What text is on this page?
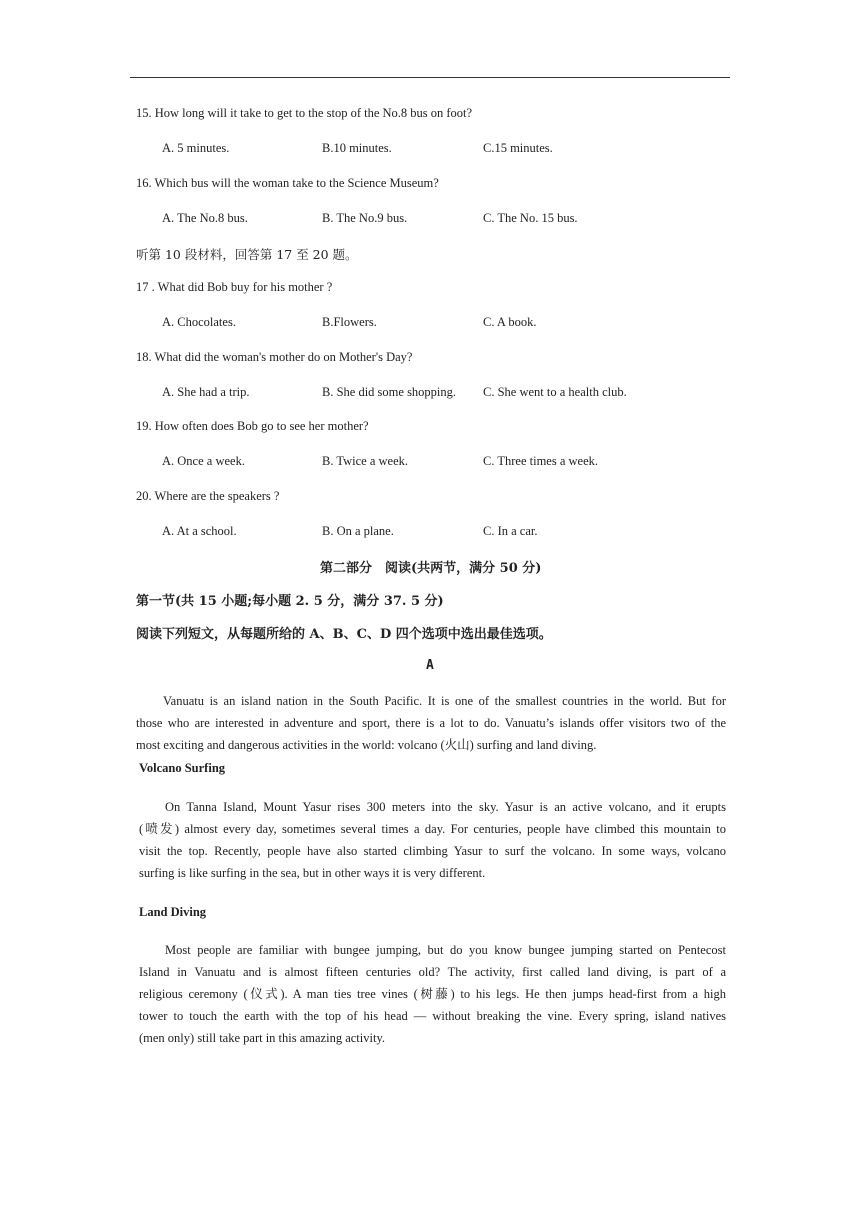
15. How long will it take to get to the stop of the No.8 bus on foot?
A. 5 minutes.	B.10 minutes.	C.15 minutes.
16. Which bus will the woman take to the Science Museum?
A. The No.8 bus.	B. The No.9 bus.	C. The No. 15 bus.
听第 10 段材料，回答第 17 至 20 题。
17 . What did Bob buy for his mother ?
A. Chocolates.	B.Flowers.	C. A book.
18. What did the woman's mother do on Mother's Day?
A. She had a trip.	B. She did some shopping. C. She went to a health club.
19. How often does Bob go to see her mother?
A. Once a week.	B. Twice a week.	C. Three times a week.
20. Where are the speakers ?
A. At a school.	B. On a plane.	C. In a car.
第二部分　阅读(共两节，满分 50 分)
第一节(共 15 小题;每小题 2. 5 分，满分 37. 5 分)
阅读下列短文，从每题所给的 A、B、C、D 四个选项中选出最佳选项。
A
Vanuatu is an island nation in the South Pacific. It is one of the smallest countries in the world. But for
those who are interested in adventure and sport, there is a lot to do. Vanuatu’s islands offer visitors two of the
most exciting and dangerous activities in the world: volcano (火山) surfing and land diving.
Volcano Surfing
On Tanna Island, Mount Yasur rises 300 meters into the sky. Yasur is an active volcano, and it erupts
(喷发) almost every day, sometimes several times a day. For centuries, people have climbed this mountain to
visit the top. Recently, people have also started climbing Yasur to surf the volcano. In some ways, volcano
surfing is like surfing in the sea, but in other ways it is very different.
Land Diving
Most people are familiar with bungee jumping, but do you know bungee jumping started on Pentecost
Island in Vanuatu and is almost fifteen centuries old? The activity, first called land diving, is part of a
religious ceremony (仪式). A man ties tree vines (树藤) to his legs. He then jumps head-first from a high
tower to touch the earth with the top of his head — without breaking the vine. Every spring, island natives
(men only) still take part in this amazing activity.
